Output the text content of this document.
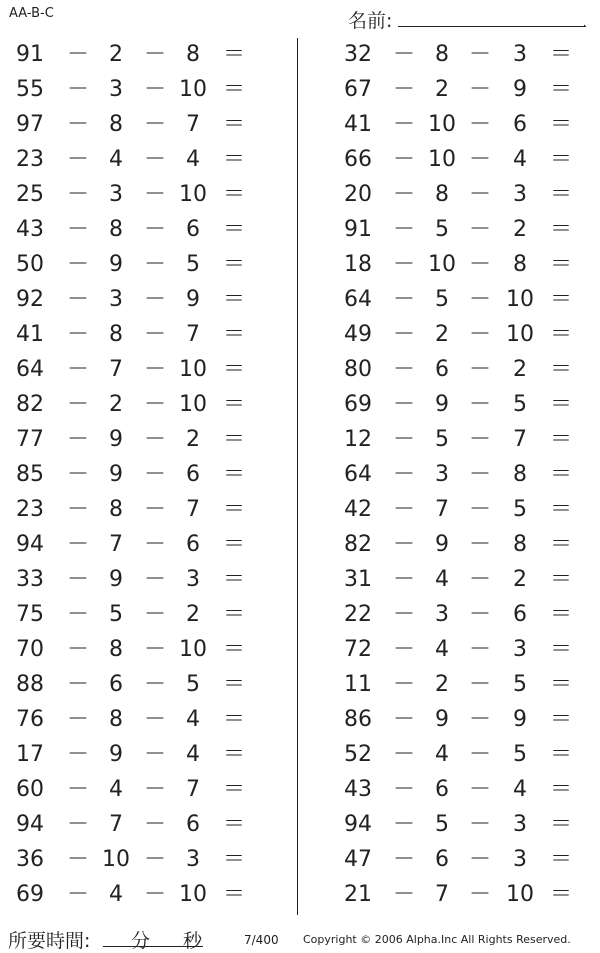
AA-B-C	名前:	.
91 － 2 － 8	＝
55 － 3 － 10 ＝
97 － 8 － 7	＝
23 － 4 － 4	＝
25 － 3 － 10 ＝
43 － 8 － 6	＝
50 － 9 － 5	＝
92 － 3 － 9	＝
41 － 8 － 7	＝
64 － 7 － 10 ＝
82 － 2 － 10 ＝
77 － 9 － 2	＝
85 － 9 － 6	＝
23 － 8 － 7	＝
94 － 7 － 6	＝
33 － 9 － 3	＝
75 － 5 － 2	＝
70 － 8 － 10 ＝
88 － 6 － 5	＝
76 － 8 － 4	＝
17 － 9 － 4	＝
60 － 4 － 7	＝
94 － 7 － 6	＝
36 － 10 － 3	＝
69 － 4 － 10 ＝
32 － 8 － 3	＝
67 － 2 － 9	＝
41 － 10 － 6	＝
66 － 10 － 4	＝
20 － 8 － 3	＝
91 － 5 － 2	＝
18 － 10 － 8	＝
64 － 5 － 10 ＝
49 － 2 － 10 ＝
80 － 6 － 2	＝
69 － 9 － 5	＝
12 － 5 － 7	＝
64 － 3 － 8	＝
42 － 7 － 5	＝
82 － 9 － 8	＝
31 － 4 － 2	＝
22 － 3 － 6	＝
72 － 4 － 3	＝
11 － 2 － 5	＝
86 － 9 － 9	＝
52 － 4 － 5	＝
43 － 6 － 4	＝
94 － 5 － 3	＝
47 － 6 － 3	＝
21 － 7 － 10 ＝
所要時間: 分 秒	7/400 Copyright © 2006 Alpha.Inc All Rights Reserved.
